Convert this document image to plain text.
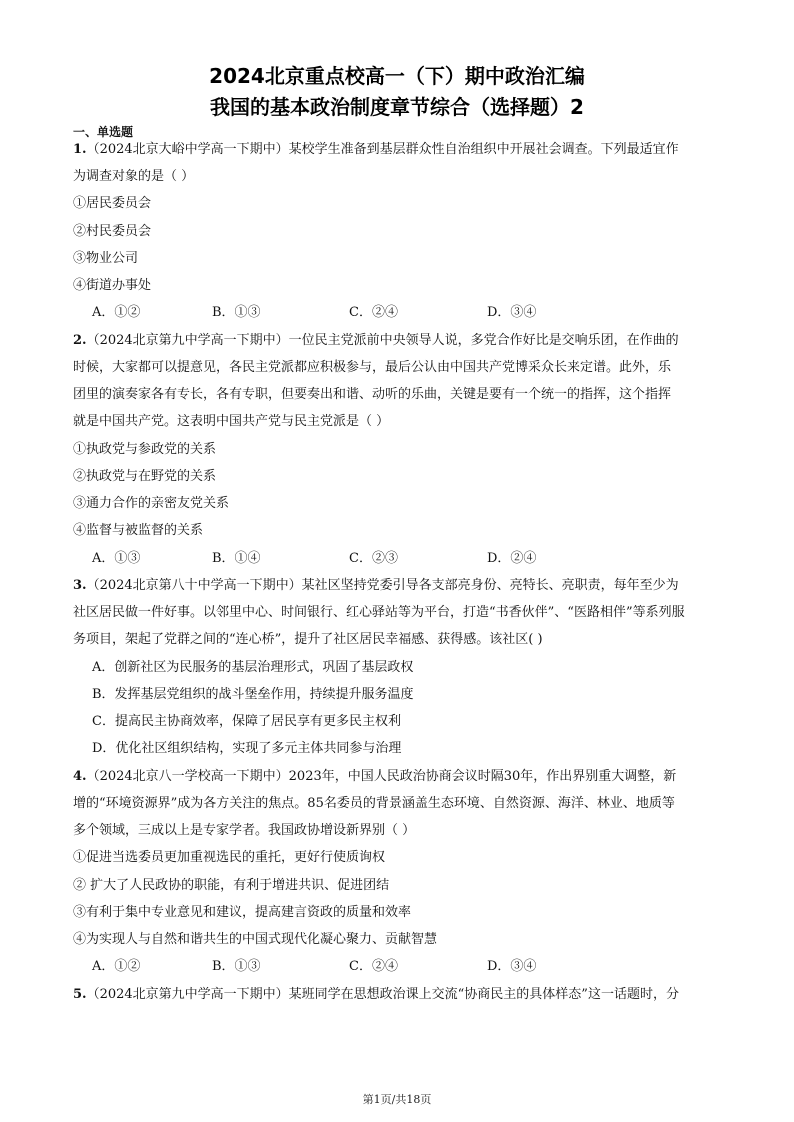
2024北京重点校高一（下）期中政治汇编
我国的基本政治制度章节综合（选择题）2
一、单选题
1.（2024北京大峪中学高一下期中）某校学生准备到基层群众性自治组织中开展社会调查。下列最适宜作
为调查对象的是（ ）
①居民委员会
②村民委员会
③物业公司
④街道办事处
A．①②	B．①③	C．②④	D．③④
2.（2024北京第九中学高一下期中）一位民主党派前中央领导人说，多党合作好比是交响乐团，在作曲的
时候，大家都可以提意见，各民主党派都应积极参与，最后公认由中国共产党博采众长来定谱。此外，乐
团里的演奏家各有专长，各有专职，但要奏出和谐、动听的乐曲，关键是要有一个统一的指挥，这个指挥
就是中国共产党。这表明中国共产党与民主党派是（ ）
①执政党与参政党的关系
②执政党与在野党的关系
③通力合作的亲密友党关系
④监督与被监督的关系
A．①③	B．①④	C．②③	D．②④
3.（2024北京第八十中学高一下期中）某社区坚持党委引导各支部亮身份、亮特长、亮职责，每年至少为
社区居民做一件好事。以邻里中心、时间银行、红心驿站等为平台，打造“书香伙伴”、“医路相伴”等系列服
务项目，架起了党群之间的“连心桥”，提升了社区居民幸福感、获得感。该社区( )
A．创新社区为民服务的基层治理形式，巩固了基层政权
B．发挥基层党组织的战斗堡垒作用，持续提升服务温度
C．提高民主协商效率，保障了居民享有更多民主权利
D．优化社区组织结构，实现了多元主体共同参与治理
4.（2024北京八一学校高一下期中）2023年，中国人民政治协商会议时隔30年，作出界别重大调整，新
增的“环境资源界”成为各方关注的焦点。85名委员的背景涵盖生态环境、自然资源、海洋、林业、地质等
多个领域，三成以上是专家学者。我国政协增设新界别（ ）
①促进当选委员更加重视选民的重托，更好行使质询权
② 扩大了人民政协的职能，有利于增进共识、促进团结
③有利于集中专业意见和建议，提高建言资政的质量和效率
④为实现人与自然和谐共生的中国式现代化凝心聚力、贡献智慧
A．①②	B．①③	C．②④	D．③④
5.（2024北京第九中学高一下期中）某班同学在思想政治课上交流“协商民主的具体样态”这一话题时，分
第1页/共18页
